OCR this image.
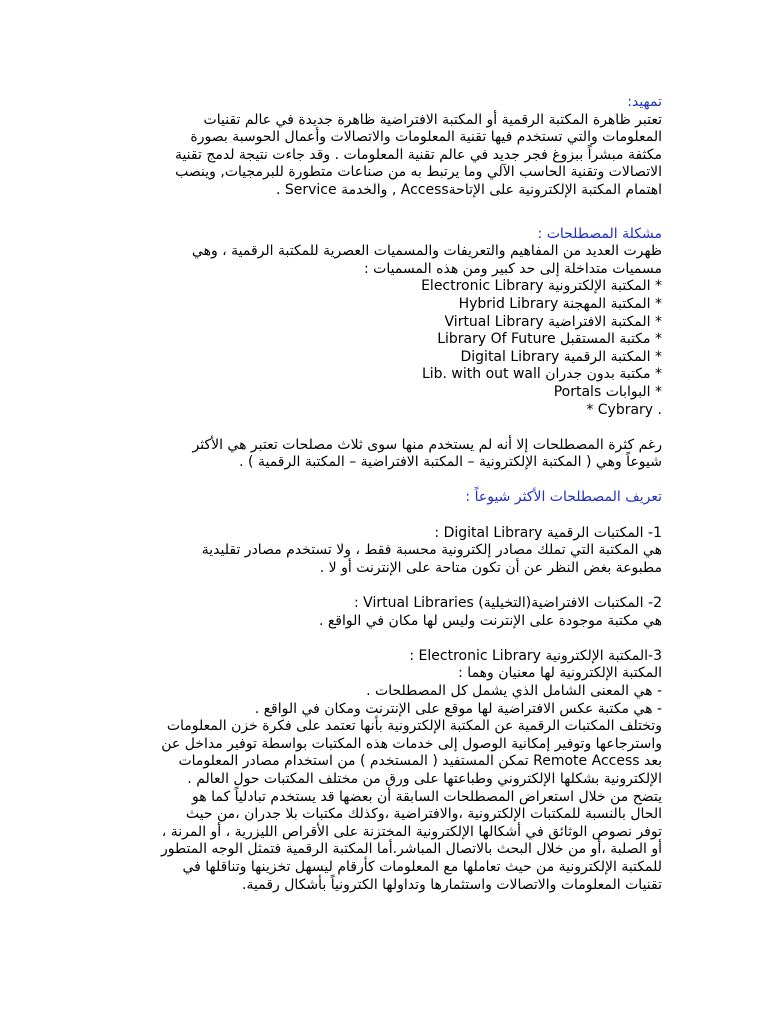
تمهيد:
تعتبر ظاهرة المكتبة الرقمية أو المكتبة الافتراضية ظاهرة جديدة في عالم تقنيات
المعلومات والتي تستخدم فيها تقنية المعلومات والاتصالات وأعمال الحوسبة بصورة
مكثفة مبشراً ببزوغ فجر جديد في عالم تقنية المعلومات . وقد جاءت نتيجة لدمج تقنية
الاتصالات وتقنية الحاسب الآلي وما يرتبط به من صناعات متطورة للبرمجيات, وينصب
اهتمام المكتبة الإلكترونية على الإتاحةAccess , والخدمة Service .
مشكلة المصطلحات :
ظهرت العديد من المفاهيم والتعريفات والمسميات العصرية للمكتبة الرقمية ، وهي
مسميات متداخلة إلى حد كبير ومن هذه المسميات :
* المكتبة الإلكترونية Electronic Library
* المكتبة المهجنة Hybrid Library
* المكتبة الافتراضية Virtual Library
* مكتبة المستقبل Library Of Future
* المكتبة الرقمية Digital Library
* مكتبة بدون جدران Lib. with out wall
* البوابات Portals
* Cybrary .
رغم كثرة المصطلحات إلا أنه لم يستخدم منها سوى ثلاث مصلحات تعتبر هي الأكثر
شيوعاً وهي ( المكتبة الإلكترونية – المكتبة الافتراضية – المكتبة الرقمية ) .
تعريف المصطلحات الأكثر شيوعاً :
1- المكتبات الرقمية Digital Library :
هي المكتبة التي تملك مصادر إلكترونية محسبة فقط ، ولا تستخدم مصادر تقليدية
مطبوعة بغض النظر عن أن تكون متاحة على الإنترنت أو لا .
2- المكتبات الافتراضية(التخيلية) Virtual Libraries :
هي مكتبة موجودة على الإنترنت وليس لها مكان في الواقع .
3-المكتبة الإلكترونية Electronic Library :
المكتبة الإلكترونية لها معنيان وهما :
- هي المعنى الشامل الذي يشمل كل المصطلحات .
- هي مكتبة عكس الافتراضية لها موقع على الإنترنت ومكان في الواقع .
وتختلف المكتبات الرقمية عن المكتبة الإلكترونية بأنها تعتمد على فكرة خزن المعلومات
واسترجاعها وتوفير إمكانية الوصول إلى خدمات هذه المكتبات بواسطة توفير مداخل عن
بعد Remote Access تمكن المستفيد ( المستخدم ) من استخدام مصادر المعلومات
الإلكترونية بشكلها الإلكتروني وطباعتها على ورق من مختلف المكتبات حول العالم .
يتضح من خلال استعراض المصطلحات السابقة أن بعضها قد يستخدم تبادلياً كما هو
الحال بالنسبة للمكتبات الإلكترونية ،والافتراضية ،وكذلك مكتبات بلا جدران ،من حيث
توفر نصوص الوثائق في أشكالها الإلكترونية المختزنة على الأقراص الليزرية ، أو المرنة ،
أو الصلبة ،أو من خلال البحث بالاتصال المباشر.أما المكتبة الرقمية فتمثل الوجه المتطور
للمكتبة الإلكترونية من حيث تعاملها مع المعلومات كأرقام ليسهل تخزينها وتناقلها في
تقنيات المعلومات والاتصالات واستثمارها وتداولها الكترونياً بأشكال رقمية.
